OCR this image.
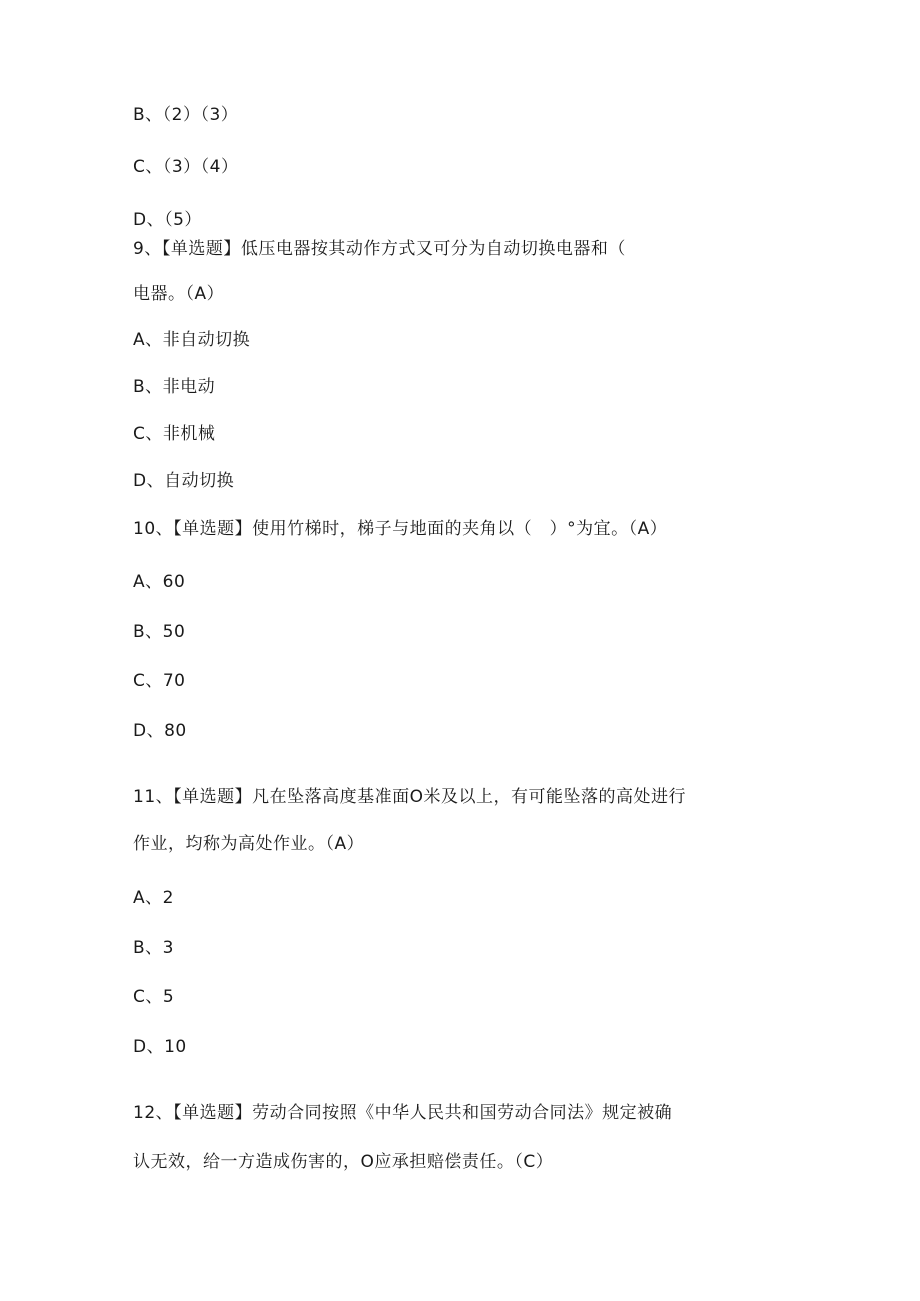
B、（2）（3）
C、（3）（4）
D、（5）
9、【单选题】低压电器按其动作方式又可分为自动切换电器和（
电器。（A）
A、非自动切换
B、非电动
C、非机械
D、自动切换
10、【单选题】使用竹梯时，梯子与地面的夹角以（　）°为宜。（A）
A、60
B、50
C、70
D、80
11、【单选题】凡在坠落高度基准面O米及以上，有可能坠落的高处进行
作业，均称为高处作业。（A）
A、2
B、3
C、5
D、10
12、【单选题】劳动合同按照《中华人民共和国劳动合同法》规定被确
认无效，给一方造成伤害的，O应承担赔偿责任。（C）
